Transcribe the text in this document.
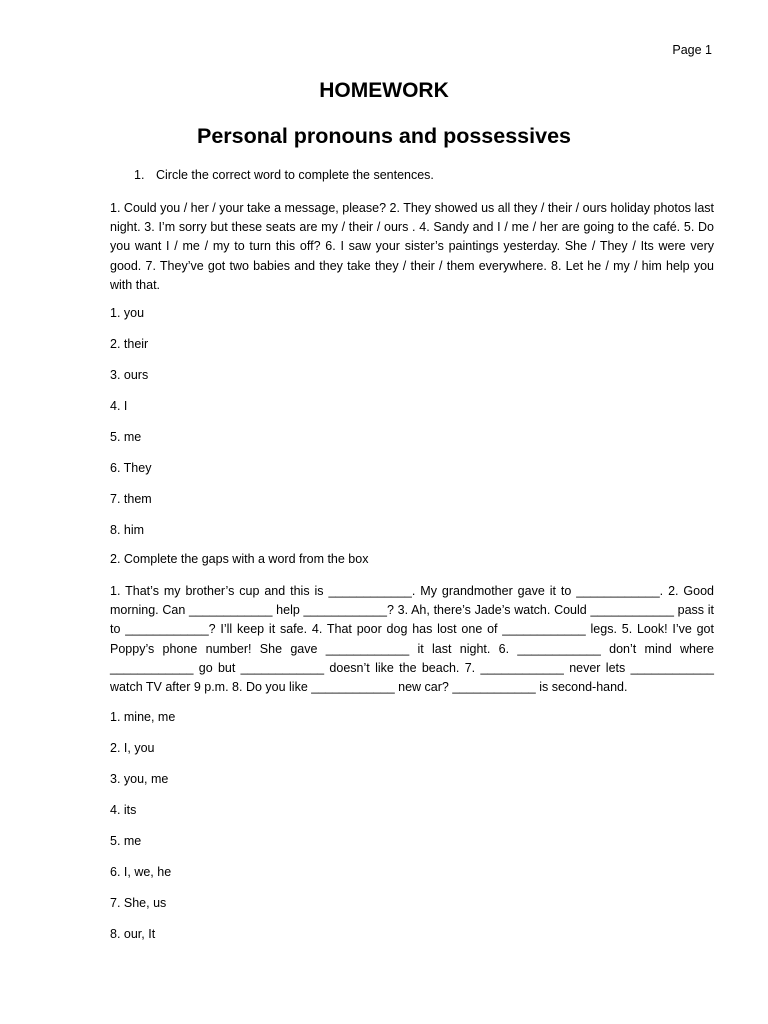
Page 1
HOMEWORK
Personal pronouns and possessives
1. Circle the correct word to complete the sentences.
1. Could you / her / your take a message, please? 2. They showed us all they / their / ours holiday photos last night. 3. I’m sorry but these seats are my / their / ours . 4. Sandy and I / me / her are going to the café. 5. Do you want I / me / my to turn this off? 6. I saw your sister’s paintings yesterday. She / They / Its were very good. 7. They’ve got two babies and they take they / their / them everywhere. 8. Let he / my / him help you with that.
1. you
2. their
3. ours
4. I
5. me
6. They
7. them
8. him
2. Complete the gaps with a word from the box
1. That’s my brother’s cup and this is ____________. My grandmother gave it to ____________. 2. Good morning. Can ____________ help ____________? 3. Ah, there’s Jade’s watch. Could ____________ pass it to ____________? I’ll keep it safe. 4. That poor dog has lost one of ____________ legs. 5. Look! I’ve got Poppy’s phone number! She gave ____________ it last night. 6. ____________ don’t mind where ____________ go but ____________ doesn’t like the beach. 7. ____________ never lets ____________ watch TV after 9 p.m. 8. Do you like ____________ new car? ____________ is second-hand.
1. mine, me
2. I, you
3. you, me
4. its
5. me
6. I, we, he
7. She, us
8. our, It
